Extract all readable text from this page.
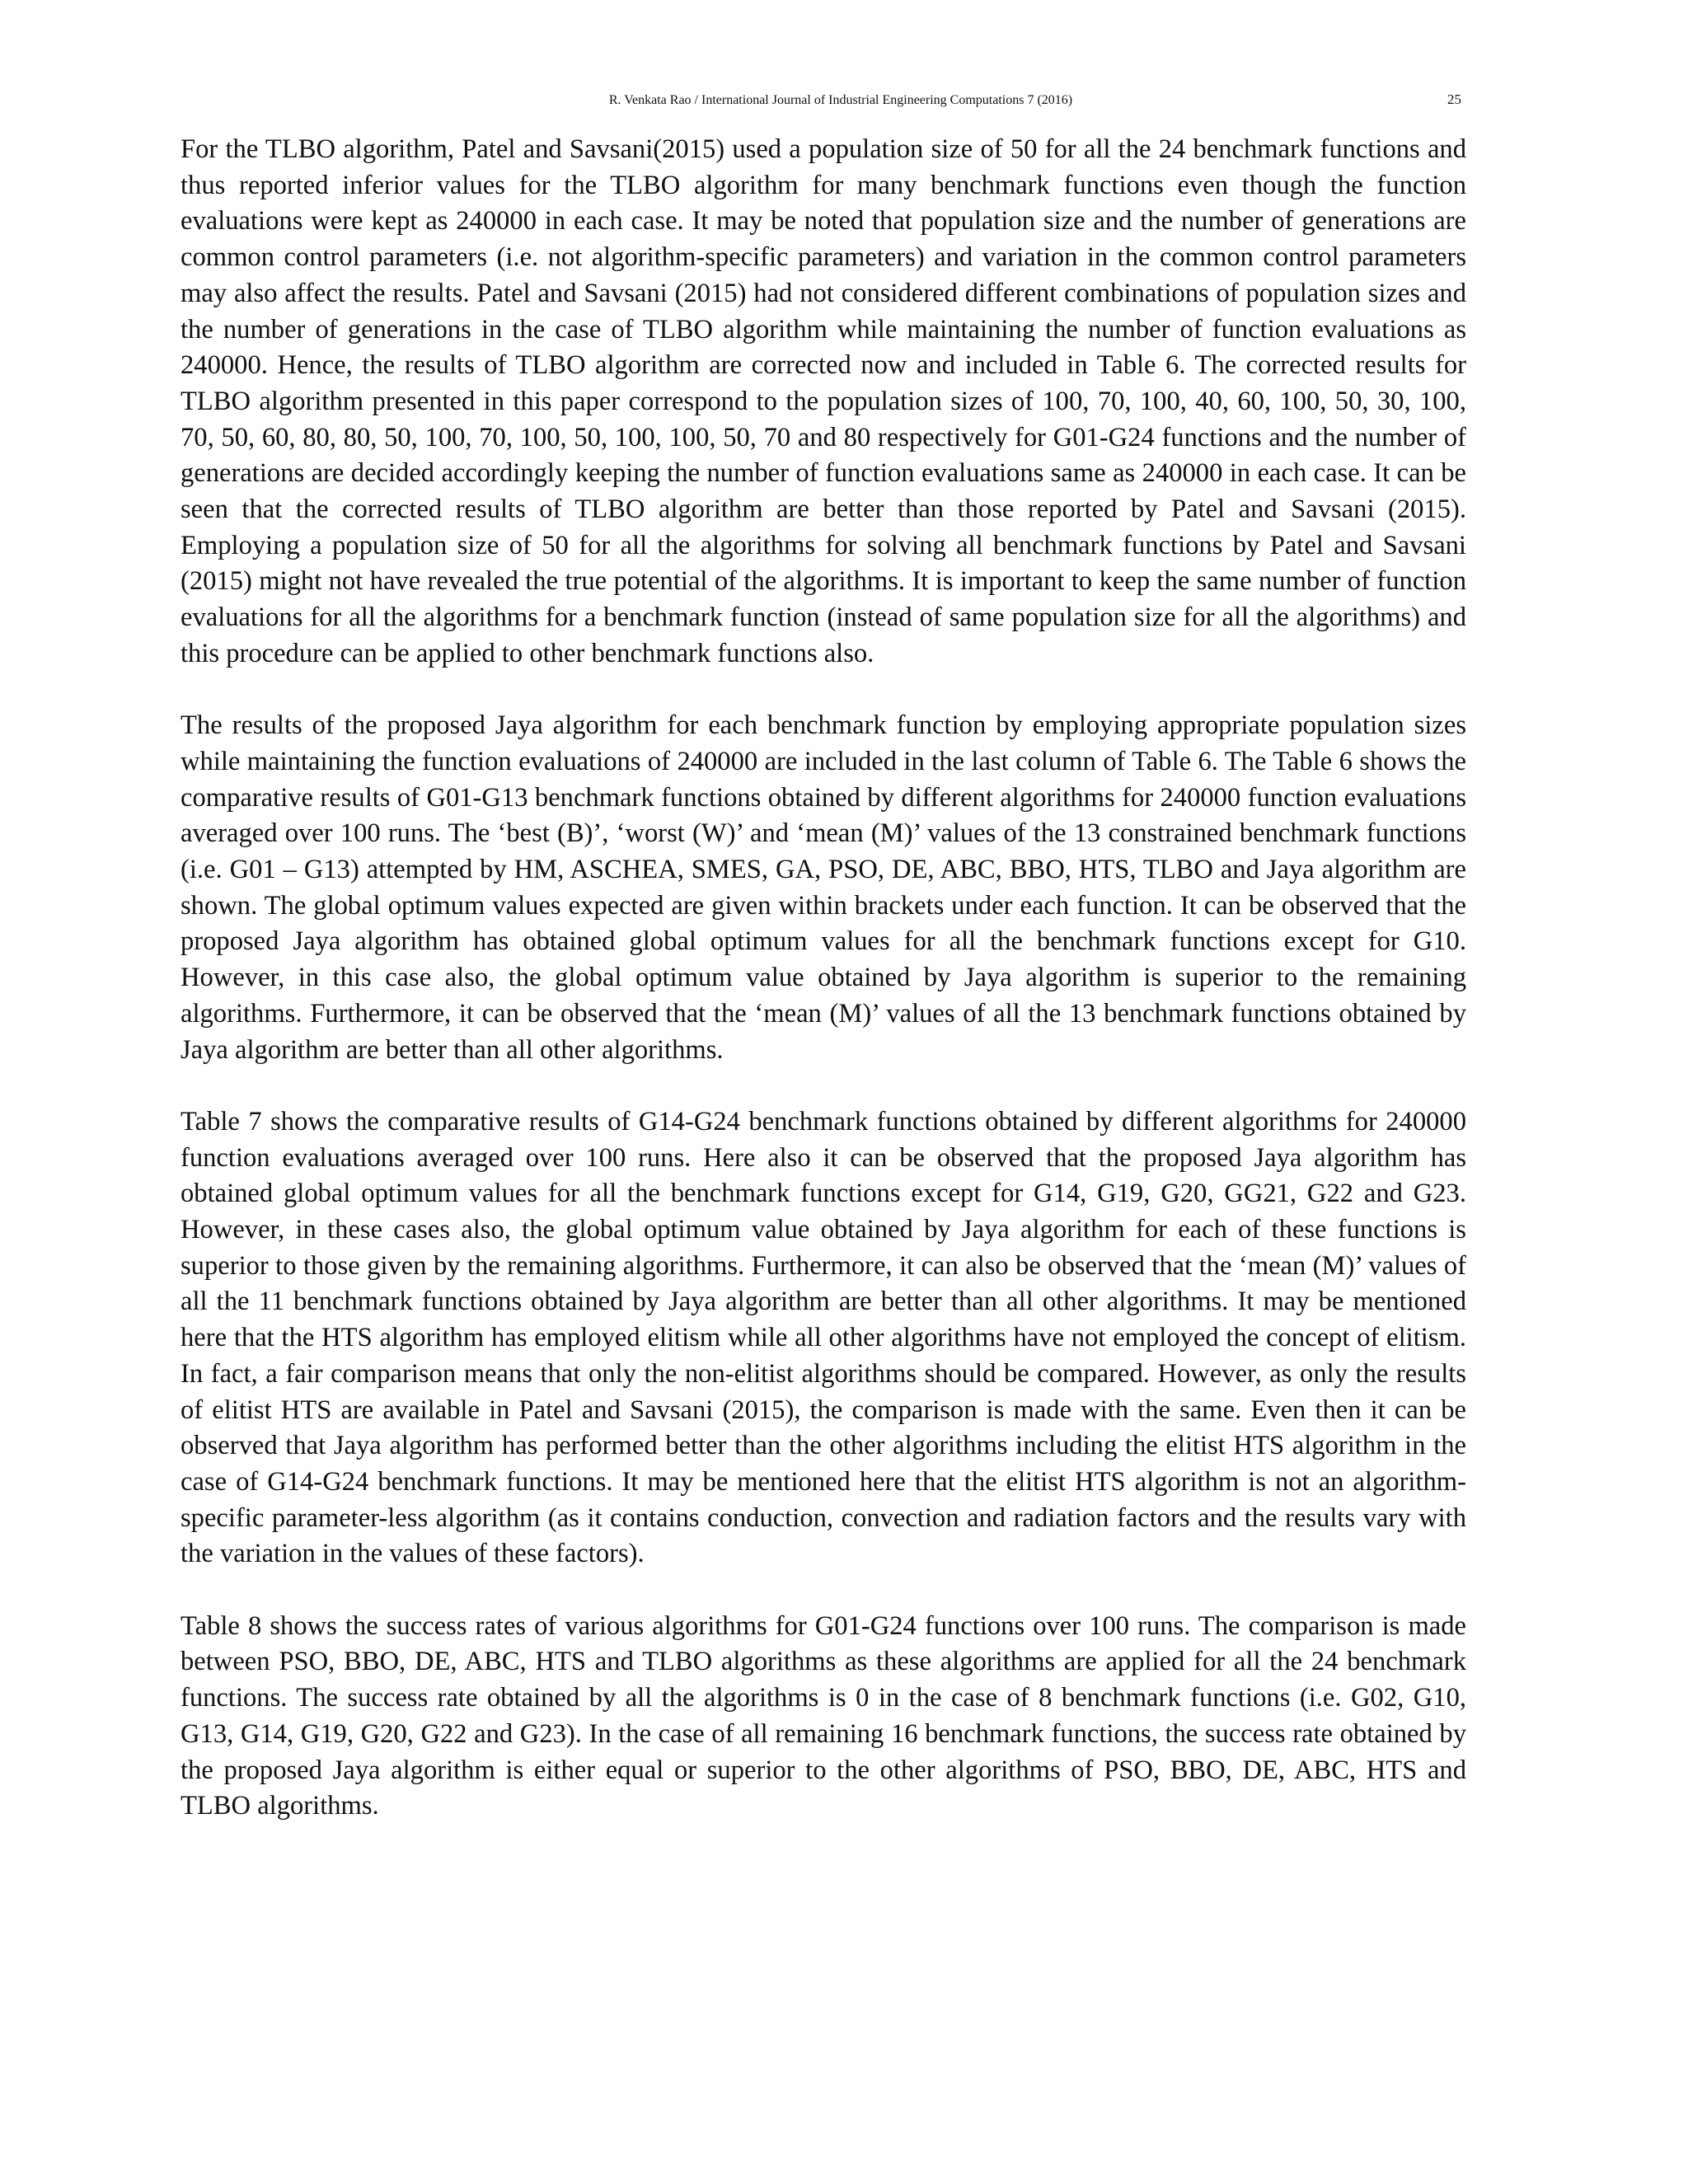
R. Venkata Rao / International Journal of Industrial Engineering Computations 7 (2016)	25

For the TLBO algorithm, Patel and Savsani(2015) used a population size of 50 for all the 24 benchmark functions and thus reported inferior values for the TLBO algorithm for many benchmark functions even though the function evaluations were kept as 240000 in each case. It may be noted that population size and the number of generations are common control parameters (i.e. not algorithm-specific parameters) and variation in the common control parameters may also affect the results. Patel and Savsani (2015) had not considered different combinations of population sizes and the number of generations in the case of TLBO algorithm while maintaining the number of function evaluations as 240000. Hence, the results of TLBO algorithm are corrected now and included in Table 6. The corrected results for TLBO algorithm presented in this paper correspond to the population sizes of 100, 70, 100, 40, 60, 100, 50, 30, 100, 70, 50, 60, 80, 80, 50, 100, 70, 100, 50, 100, 100, 50, 70 and 80 respectively for G01-G24 functions and the number of generations are decided accordingly keeping the number of function evaluations same as 240000 in each case. It can be seen that the corrected results of TLBO algorithm are better than those reported by Patel and Savsani (2015). Employing a population size of 50 for all the algorithms for solving all benchmark functions by Patel and Savsani (2015) might not have revealed the true potential of the algorithms. It is important to keep the same number of function evaluations for all the algorithms for a benchmark function (instead of same population size for all the algorithms) and this procedure can be applied to other benchmark functions also.

The results of the proposed Jaya algorithm for each benchmark function by employing appropriate population sizes while maintaining the function evaluations of 240000 are included in the last column of Table 6. The Table 6 shows the comparative results of G01-G13 benchmark functions obtained by different algorithms for 240000 function evaluations averaged over 100 runs. The ‘best (B)’, ‘worst (W)’ and ‘mean (M)’ values of the 13 constrained benchmark functions (i.e. G01 – G13) attempted by HM, ASCHEA, SMES, GA, PSO, DE, ABC, BBO, HTS, TLBO and Jaya algorithm are shown. The global optimum values expected are given within brackets under each function. It can be observed that the proposed Jaya algorithm has obtained global optimum values for all the benchmark functions except for G10. However, in this case also, the global optimum value obtained by Jaya algorithm is superior to the remaining algorithms. Furthermore, it can be observed that the ‘mean (M)’ values of all the 13 benchmark functions obtained by Jaya algorithm are better than all other algorithms.

Table 7 shows the comparative results of G14-G24 benchmark functions obtained by different algorithms for 240000 function evaluations averaged over 100 runs. Here also it can be observed that the proposed Jaya algorithm has obtained global optimum values for all the benchmark functions except for G14, G19, G20, GG21, G22 and G23. However, in these cases also, the global optimum value obtained by Jaya algorithm for each of these functions is superior to those given by the remaining algorithms. Furthermore, it can also be observed that the ‘mean (M)’ values of all the 11 benchmark functions obtained by Jaya algorithm are better than all other algorithms. It may be mentioned here that the HTS algorithm has employed elitism while all other algorithms have not employed the concept of elitism. In fact, a fair comparison means that only the non-elitist algorithms should be compared. However, as only the results of elitist HTS are available in Patel and Savsani (2015), the comparison is made with the same. Even then it can be observed that Jaya algorithm has performed better than the other algorithms including the elitist HTS algorithm in the case of G14-G24 benchmark functions. It may be mentioned here that the elitist HTS algorithm is not an algorithm-specific parameter-less algorithm (as it contains conduction, convection and radiation factors and the results vary with the variation in the values of these factors).

Table 8 shows the success rates of various algorithms for G01-G24 functions over 100 runs. The comparison is made between PSO, BBO, DE, ABC, HTS and TLBO algorithms as these algorithms are applied for all the 24 benchmark functions. The success rate obtained by all the algorithms is 0 in the case of 8 benchmark functions (i.e. G02, G10, G13, G14, G19, G20, G22 and G23). In the case of all remaining 16 benchmark functions, the success rate obtained by the proposed Jaya algorithm is either equal or superior to the other algorithms of PSO, BBO, DE, ABC, HTS and TLBO algorithms.
